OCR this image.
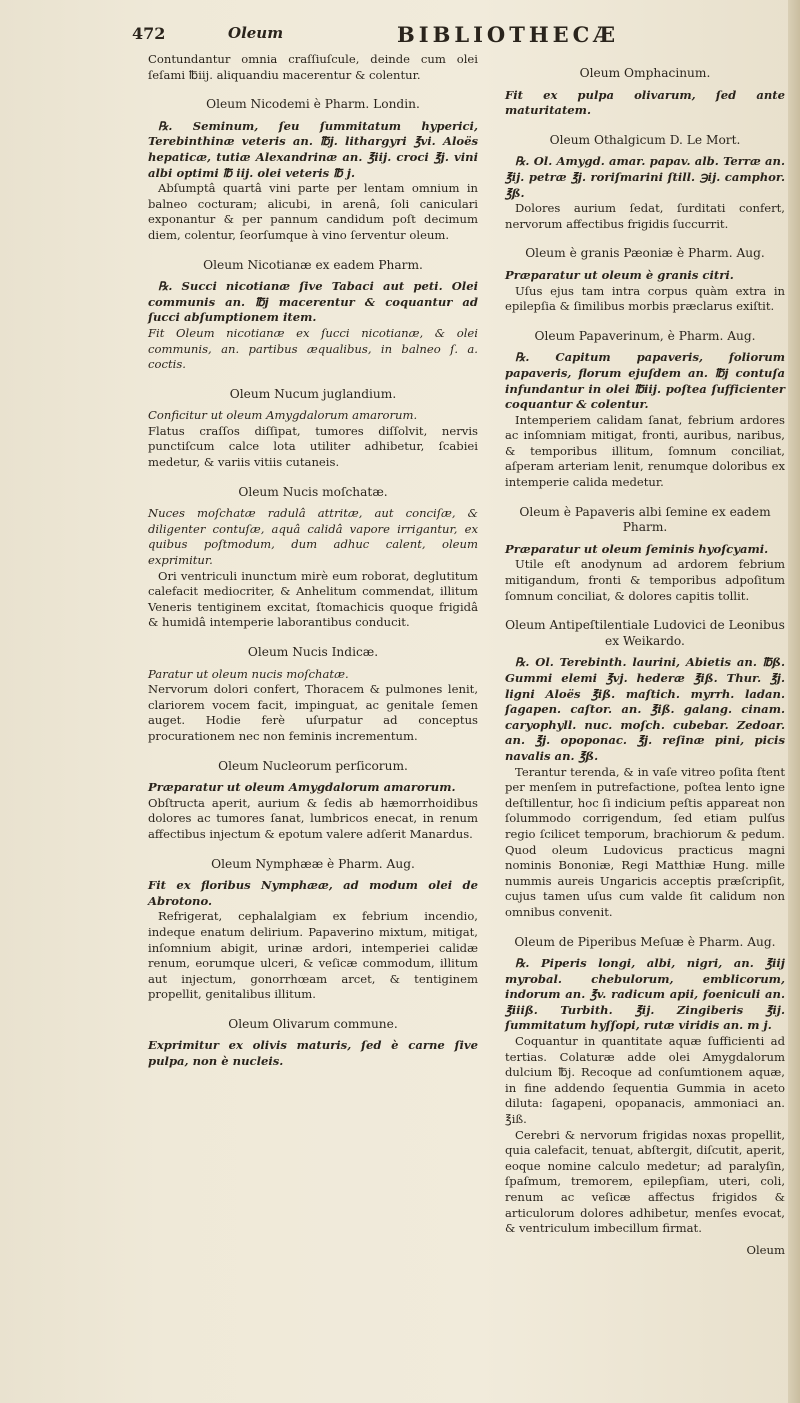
472	Oleum	BIBLIOTHECÆ

Contundantur omnia craſſiuſcule, deinde cum olei ſeſami ℔iij. aliquandiu macerentur & colentur.

Oleum Nicodemi è Pharm. Londin.

℞. Seminum, ſeu ſummitatum hyperici, Terebinthinæ veteris an. ℔j. lithargyri ℥vi. Aloës hepaticæ, tutiæ Alexandrinæ an. ℥iij. croci ℥j. vini albi optimi ℔ iij. olei veteris ℔ j.

Abſumptâ quartâ vini parte per lentam omnium in balneo cocturam; alicubi, in arenâ, ſoli caniculari exponantur & per pannum candidum poſt decimum diem, colentur, ſeorſumque à vino ſerventur oleum.

Oleum Nicotianæ ex eadem Pharm.

℞. Succi nicotianæ ſive Tabaci aut peti. Olei communis an. ℔j macerentur & coquantur ad ſucci abſumptionem item.

Fit Oleum nicotianæ ex ſucci nicotianæ, & olei communis, an. partibus æqualibus, in balneo ſ. a. coctis.

Oleum Nucum juglandium.

Conficitur ut oleum Amygdalorum amarorum.

Flatus craſſos diſſipat, tumores diſſolvit, nervis punctiſcum calce lota utiliter adhibetur, ſcabiei medetur, & variis vitiis cutaneis.

Oleum Nucis moſchatæ.

Nuces moſchatæ radulâ attritæ, aut conciſæ, & diligenter contuſæ, aquâ calidâ vapore irrigantur, ex quibus poſtmodum, dum adhuc calent, oleum exprimitur.

Ori ventriculi inunctum mirè eum roborat, deglutitum calefacit mediocriter, & Anhelitum commendat, illitum Veneris tentiginem excitat, ſtomachicis quoque frigidâ & humidâ intemperie laborantibus conducit.

Oleum Nucis Indicæ.

Paratur ut oleum nucis moſchatæ.

Nervorum dolori confert, Thoracem & pulmones lenit, clariorem vocem facit, impinguat, ac genitale ſemen auget. Hodie ferè uſurpatur ad conceptus procurationem nec non feminis incrementum.

Oleum Nucleorum perſicorum.

Præparatur ut oleum Amygdalorum amarorum.

Obſtructa aperit, aurium & ſedis ab hæmorrhoidibus dolores ac tumores ſanat, lumbricos enecat, in renum affectibus injectum & epotum valere adſerit Manardus.

Oleum Nymphææ è Pharm. Aug.

Fit ex floribus Nymphææ, ad modum olei de Abrotono.

Refrigerat, cephalalgiam ex febrium incendio, indeque enatum delirium. Papaverino mixtum, mitigat, inſomnium abigit, urinæ ardori, intemperiei calidæ renum, eorumque ulceri, & veſicæ commodum, illitum aut injectum, gonorrhœam arcet, & tentiginem propellit, genitalibus illitum.

Oleum Olivarum commune.

Exprimitur ex olivis maturis, ſed è carne ſive pulpa, non è nucleis.

Oleum Omphacinum.

Fit ex pulpa olivarum, ſed ante maturitatem.

Oleum Othalgicum D. Le Mort.

℞. Ol. Amygd. amar. papav. alb. Terræ an. ℥ij. petræ ℥j. roriſmarini ſtill. ℈ij. camphor. ℥ß.

Dolores aurium ſedat, ſurditati confert, nervorum affectibus frigidis ſuccurrit.

Oleum è granis Pæoniæ è Pharm. Aug.

Præparatur ut oleum è granis citri.

Uſus ejus tam intra corpus quàm extra in epilepſia & ſimilibus morbis præclarus exiſtit.

Oleum Papaverinum, è Pharm. Aug.

℞. Capitum papaveris, foliorum papaveris, florum ejuſdem an. ℔j contuſa infundantur in olei ℔iij. poſtea ſufficienter coquantur & colentur.

Intemperiem calidam ſanat, febrium ardores ac inſomniam mitigat, fronti, auribus, naribus, & temporibus illitum, ſomnum conciliat, aſperam arteriam lenit, renumque doloribus ex intemperie calida medetur.

Oleum è Papaveris albi ſemine ex eadem Pharm.

Præparatur ut oleum ſeminis hyoſcyami.

Utile eſt anodynum ad ardorem febrium mitigandum, fronti & temporibus adpoſitum ſomnum conciliat, & dolores capitis tollit.

Oleum Antipeſtilentiale Ludovici de Leonibus ex Weikardo.

℞. Ol. Terebinth. laurini, Abietis an. ℔ß. Gummi elemi ℥vj. hederæ ℥iß. Thur. ℥j. ligni Aloës ℥iß. maſtich. myrrh. ladan. ſagapen. caſtor. an. ℥iß. galang. cinam. caryophyll. nuc. moſch. cubebar. Zedoar. an. ℥j. opoponac. ℥j. reſinæ pini, picis navalis an. ℥ß.

Terantur terenda, & in vaſe vitreo poſita ſtent per menſem in putrefactione, poſtea lento igne deſtillentur, hoc ſi indicium peſtis appareat non ſolummodo corrigendum, ſed etiam pulſus regio ſcilicet temporum, brachiorum & pedum. Quod oleum Ludovicus practicus magni nominis Bononiæ, Regi Matthiæ Hung. mille nummis aureis Ungaricis acceptis præſcripſit, cujus tamen uſus cum valde ſit calidum non omnibus convenit.

Oleum de Piperibus Meſuæ è Pharm. Aug.

℞. Piperis longi, albi, nigri, an. ℥iij myrobal. chebulorum, emblicorum, indorum an. ℥v. radicum apii, foeniculi an. ℥iiiß. Turbith. ℥ij. Zingiberis ℥ij. ſummitatum hyſſopi, rutæ viridis an. m j.

Coquantur in quantitate aquæ ſufficienti ad tertias. Colaturæ adde olei Amygdalorum dulcium ℔j. Recoque ad conſumtionem aquæ, in fine addendo ſequentia Gummia in aceto diluta: ſagapeni, opopanacis, ammoniaci an. ℥iß.

Cerebri & nervorum frigidas noxas propellit, quia calefacit, tenuat, abſtergit, diſcutit, aperit, eoque nomine calculo medetur; ad paralyſin, ſpaſmum, tremorem, epilepſiam, uteri, coli, renum ac veſicæ affectus frigidos & articulorum dolores adhibetur, menſes evocat, & ventriculum imbecillum firmat.

Oleum
